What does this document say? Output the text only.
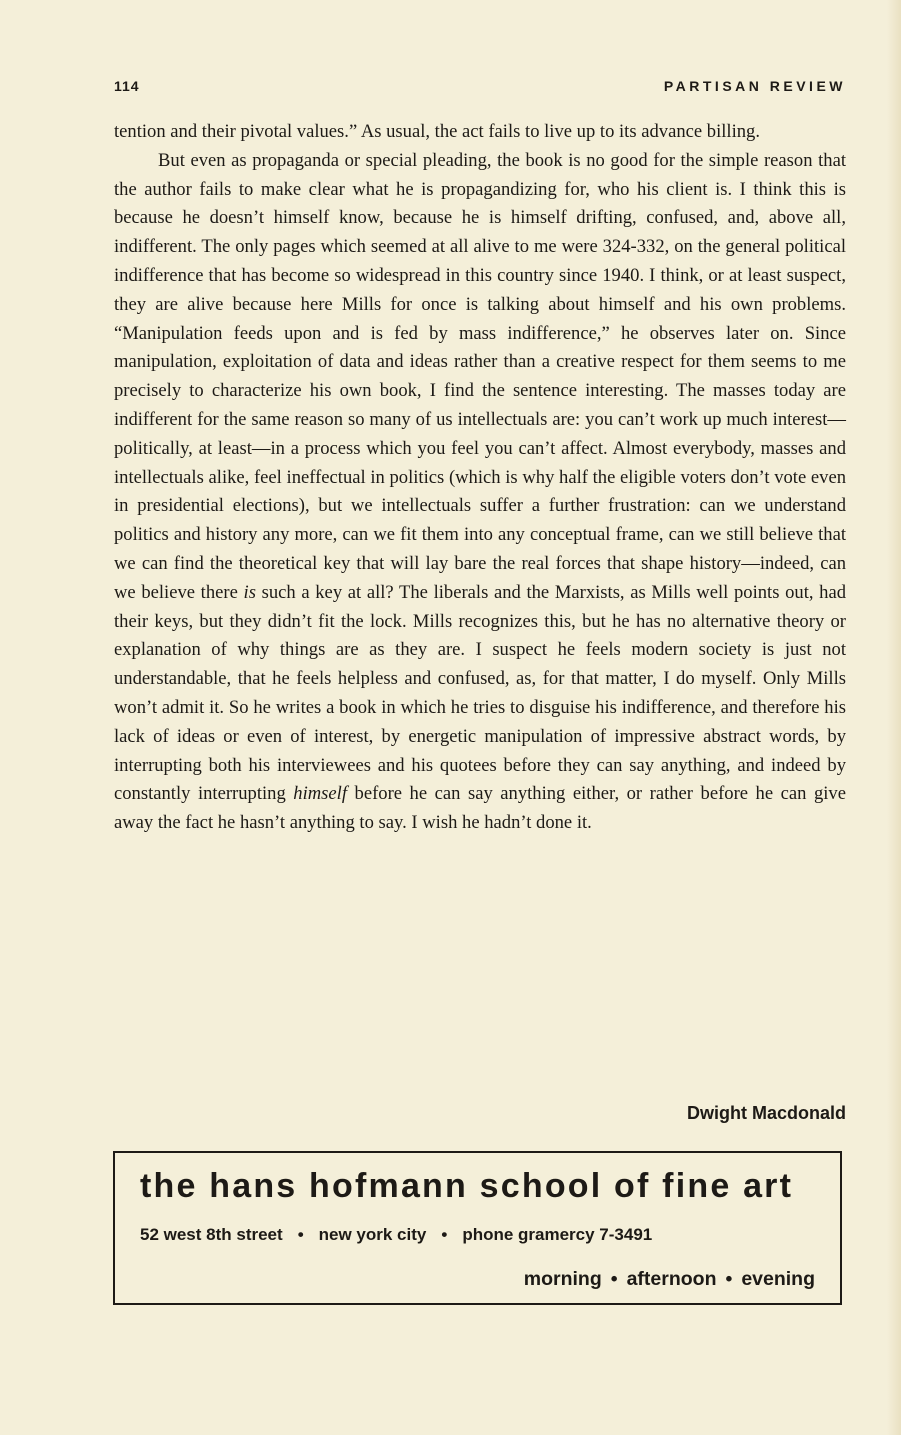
114	PARTISAN REVIEW

tention and their pivotal values.” As usual, the act fails to live up to its advance billing.

But even as propaganda or special pleading, the book is no good for the simple reason that the author fails to make clear what he is propagandizing for, who his client is. I think this is because he doesn’t himself know, because he is himself drifting, confused, and, above all, indifferent. The only pages which seemed at all alive to me were 324-332, on the general political indifference that has become so widespread in this country since 1940. I think, or at least suspect, they are alive because here Mills for once is talking about himself and his own problems. “Manipulation feeds upon and is fed by mass indifference,” he observes later on. Since manipulation, exploitation of data and ideas rather than a creative respect for them seems to me precisely to characterize his own book, I find the sentence interesting. The masses today are indifferent for the same reason so many of us intellectuals are: you can’t work up much interest—politically, at least—in a process which you feel you can’t affect. Almost everybody, masses and intellectuals alike, feel ineffectual in politics (which is why half the eligible voters don’t vote even in presidential elections), but we intellectuals suffer a further frustration: can we understand politics and history any more, can we fit them into any conceptual frame, can we still believe that we can find the theoretical key that will lay bare the real forces that shape history—indeed, can we believe there is such a key at all? The liberals and the Marxists, as Mills well points out, had their keys, but they didn’t fit the lock. Mills recognizes this, but he has no alternative theory or explanation of why things are as they are. I suspect he feels modern society is just not understandable, that he feels helpless and confused, as, for that matter, I do myself. Only Mills won’t admit it. So he writes a book in which he tries to disguise his indifference, and therefore his lack of ideas or even of interest, by energetic manipulation of impressive abstract words, by interrupting both his interviewees and his quotees before they can say anything, and indeed by constantly interrupting himself before he can say anything either, or rather before he can give away the fact he hasn’t anything to say. I wish he hadn’t done it.

Dwight Macdonald
the hans hofmann school of fine art
52 west 8th street • new york city • phone gramercy 7-3491
morning • afternoon • evening
